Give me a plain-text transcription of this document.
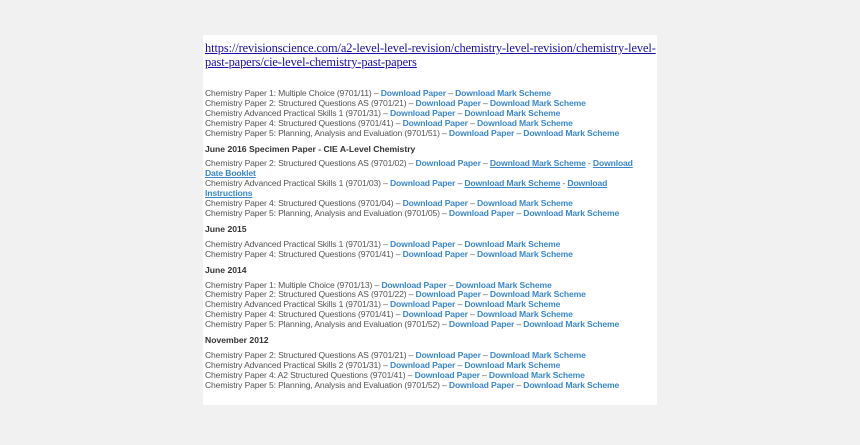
https://revisionscience.com/a2-level-level-revision/chemistry-level-revision/chemistry-level-past-papers/cie-level-chemistry-past-papers
Chemistry Paper 1: Multiple Choice (9701/11) – Download Paper – Download Mark Scheme
Chemistry Paper 2: Structured Questions AS (9701/21) – Download Paper – Download Mark Scheme
Chemistry Advanced Practical Skills 1 (9701/31) – Download Paper – Download Mark Scheme
Chemistry Paper 4: Structured Questions (9701/41) – Download Paper – Download Mark Scheme
Chemistry Paper 5: Planning, Analysis and Evaluation (9701/51) – Download Paper – Download Mark Scheme
June 2016 Specimen Paper - CIE A-Level Chemistry
Chemistry Paper 2: Structured Questions AS (9701/02) – Download Paper – Download Mark Scheme - Download Date Booklet
Chemistry Advanced Practical Skills 1 (9701/03) – Download Paper – Download Mark Scheme - Download Instructions
Chemistry Paper 4: Structured Questions (9701/04) – Download Paper – Download Mark Scheme
Chemistry Paper 5: Planning, Analysis and Evaluation (9701/05) – Download Paper – Download Mark Scheme
June 2015
Chemistry Advanced Practical Skills 1 (9701/31) – Download Paper – Download Mark Scheme
Chemistry Paper 4: Structured Questions (9701/41) – Download Paper – Download Mark Scheme
June 2014
Chemistry Paper 1: Multiple Choice (9701/13) – Download Paper – Download Mark Scheme
Chemistry Paper 2: Structured Questions AS (9701/22) – Download Paper – Download Mark Scheme
Chemistry Advanced Practical Skills 1 (9701/31) – Download Paper – Download Mark Scheme
Chemistry Paper 4: Structured Questions (9701/41) – Download Paper – Download Mark Scheme
Chemistry Paper 5: Planning, Analysis and Evaluation (9701/52) – Download Paper – Download Mark Scheme
November 2012
Chemistry Paper 2: Structured Questions AS (9701/21) – Download Paper – Download Mark Scheme
Chemistry Advanced Practical Skills 2 (9701/31) – Download Paper – Download Mark Scheme
Chemistry Paper 4: A2 Structured Questions (9701/41) – Download Paper – Download Mark Scheme
Chemistry Paper 5: Planning, Analysis and Evaluation (9701/52) – Download Paper – Download Mark Scheme
